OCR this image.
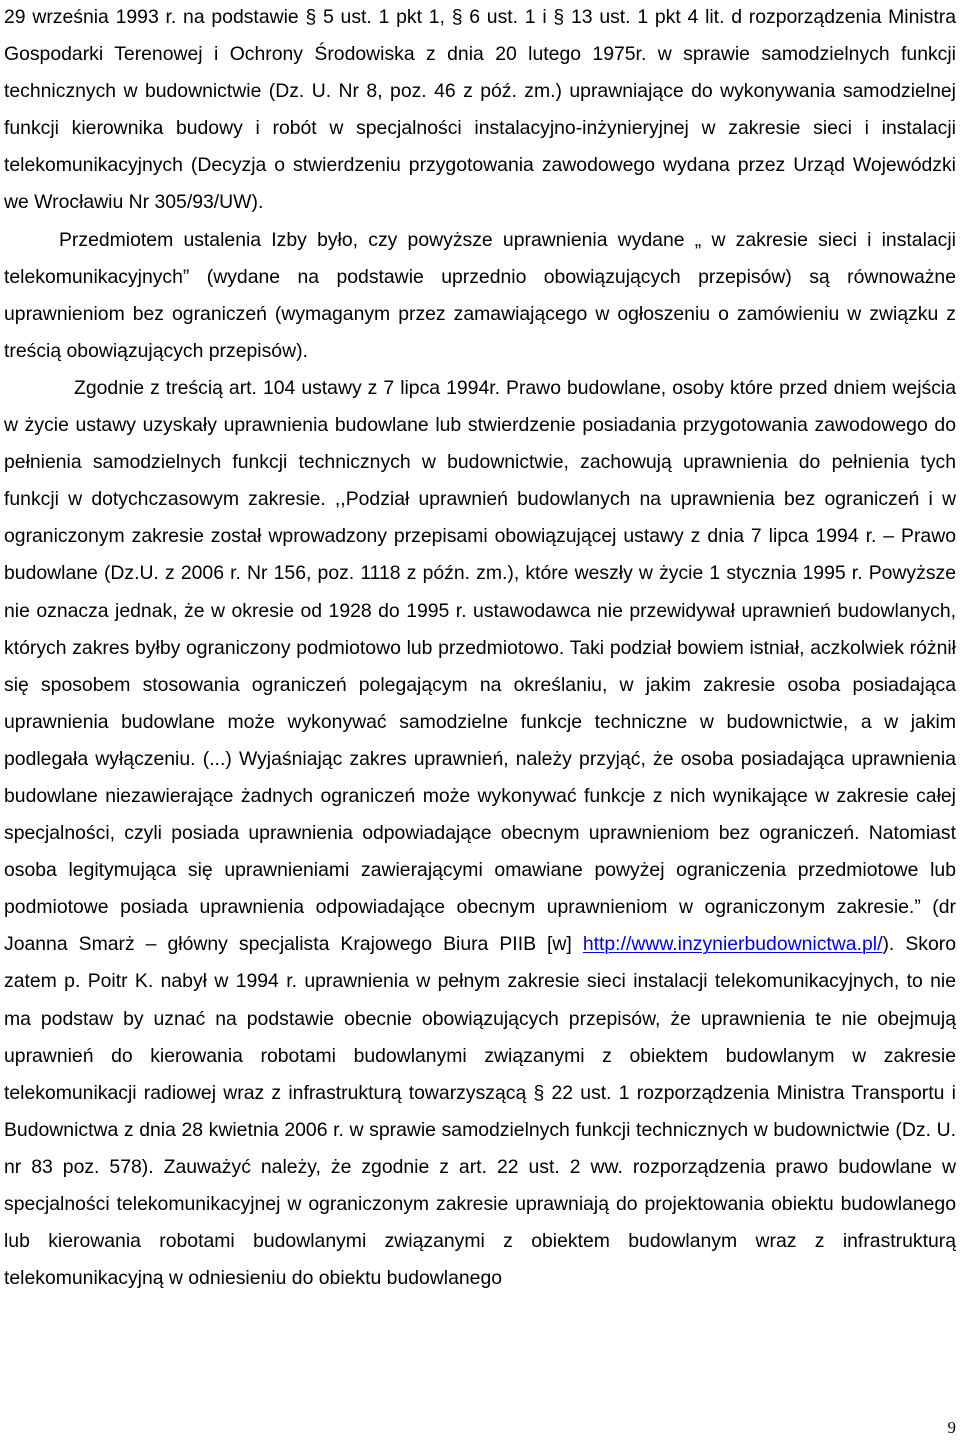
29 września 1993 r. na podstawie § 5 ust. 1 pkt 1, § 6 ust. 1 i § 13 ust. 1 pkt 4 lit. d rozporządzenia Ministra Gospodarki Terenowej i Ochrony Środowiska z dnia 20 lutego 1975r. w sprawie samodzielnych funkcji technicznych w budownictwie (Dz. U. Nr 8, poz. 46 z póź. zm.) uprawniające do wykonywania samodzielnej funkcji kierownika budowy i robót w specjalności instalacyjno-inżynieryjnej w zakresie sieci i instalacji telekomunikacyjnych (Decyzja o stwierdzeniu przygotowania zawodowego wydana przez Urząd Wojewódzki we Wrocławiu Nr 305/93/UW).

Przedmiotem ustalenia Izby było, czy powyższe uprawnienia wydane „ w zakresie sieci i instalacji telekomunikacyjnych” (wydane na podstawie uprzednio obowiązujących przepisów) są równoważne uprawnieniom bez ograniczeń (wymaganym przez zamawiającego w ogłoszeniu o zamówieniu w związku z treścią obowiązujących przepisów).

Zgodnie z treścią art. 104 ustawy z 7 lipca 1994r. Prawo budowlane, osoby które przed dniem wejścia w życie ustawy uzyskały uprawnienia budowlane lub stwierdzenie posiadania przygotowania zawodowego do pełnienia samodzielnych funkcji technicznych w budownictwie, zachowują uprawnienia do pełnienia tych funkcji w dotychczasowym zakresie. ,,Podział uprawnień budowlanych na uprawnienia bez ograniczeń i w ograniczonym zakresie został wprowadzony przepisami obowiązującej ustawy z dnia 7 lipca 1994 r. – Prawo budowlane (Dz.U. z 2006 r. Nr 156, poz. 1118 z późn. zm.), które weszły w życie 1 stycznia 1995 r. Powyższe nie oznacza jednak, że w okresie od 1928 do 1995 r. ustawodawca nie przewidywał uprawnień budowlanych, których zakres byłby ograniczony podmiotowo lub przedmiotowo. Taki podział bowiem istniał, aczkolwiek różnił się sposobem stosowania ograniczeń polegającym na określaniu, w jakim zakresie osoba posiadająca uprawnienia budowlane może wykonywać samodzielne funkcje techniczne w budownictwie, a w jakim podlegała wyłączeniu. (...) Wyjaśniając zakres uprawnień, należy przyjąć, że osoba posiadająca uprawnienia budowlane niezawierające żadnych ograniczeń może wykonywać funkcje z nich wynikające w zakresie całej specjalności, czyli posiada uprawnienia odpowiadające obecnym uprawnieniom bez ograniczeń. Natomiast osoba legitymująca się uprawnieniami zawierającymi omawiane powyżej ograniczenia przedmiotowe lub podmiotowe posiada uprawnienia odpowiadające obecnym uprawnieniom w ograniczonym zakresie.” (dr Joanna Smarż – główny specjalista Krajowego Biura PIIB [w] http://www.inzynierbudownictwa.pl/). Skoro zatem p. Poitr K. nabył w 1994 r. uprawnienia w pełnym zakresie sieci instalacji telekomunikacyjnych, to nie ma podstaw by uznać na podstawie obecnie obowiązujących przepisów, że uprawnienia te nie obejmują uprawnień do kierowania robotami budowlanymi związanymi z obiektem budowlanym w zakresie telekomunikacji radiowej wraz z infrastrukturą towarzyszącą § 22 ust. 1 rozporządzenia Ministra Transportu i Budownictwa z dnia 28 kwietnia 2006 r. w sprawie samodzielnych funkcji technicznych w budownictwie (Dz. U. nr 83 poz. 578). Zauważyć należy, że zgodnie z art. 22 ust. 2 ww. rozporządzenia prawo budowlane w specjalności telekomunikacyjnej w ograniczonym zakresie uprawniają do projektowania obiektu budowlanego lub kierowania robotami budowlanymi związanymi z obiektem budowlanym wraz z infrastrukturą telekomunikacyjną w odniesieniu do obiektu budowlanego

9
